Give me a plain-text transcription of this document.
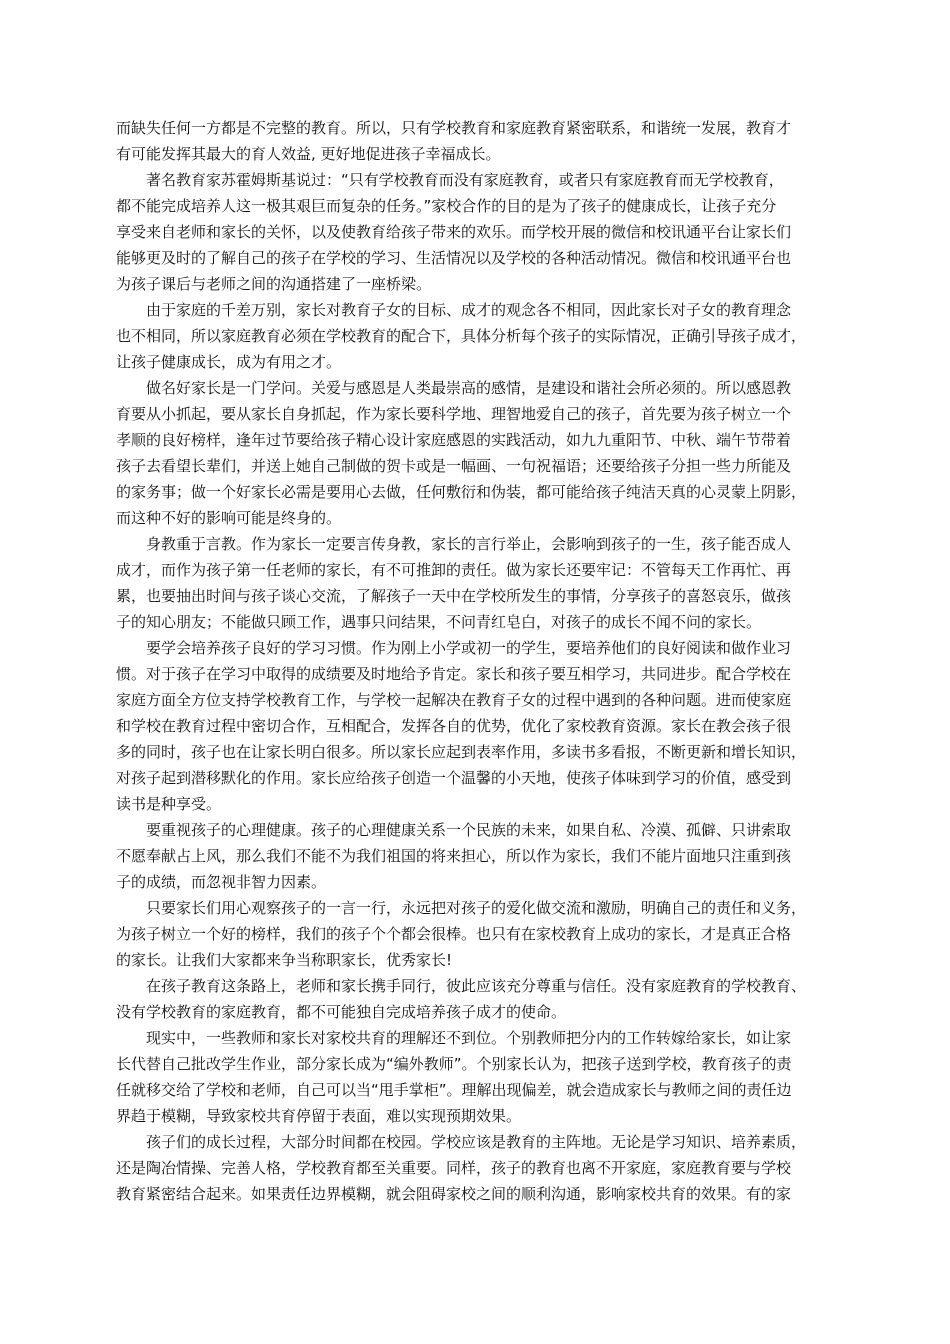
而缺失任何一方都是不完整的教育。所以，只有学校教育和家庭教育紧密联系，和谐统一发展，教育才
有可能发挥其最大的育人效益, 更好地促进孩子幸福成长。
著名教育家苏霍姆斯基说过：“只有学校教育而没有家庭教育，或者只有家庭教育而无学校教育，
都不能完成培养人这一极其艰巨而复杂的任务。”家校合作的目的是为了孩子的健康成长，让孩子充分
享受来自老师和家长的关怀，以及使教育给孩子带来的欢乐。而学校开展的微信和校讯通平台让家长们
能够更及时的了解自己的孩子在学校的学习、生活情况以及学校的各种活动情况。微信和校讯通平台也
为孩子课后与老师之间的沟通搭建了一座桥梁。
由于家庭的千差万别，家长对教育子女的目标、成才的观念各不相同，因此家长对子女的教育理念
也不相同，所以家庭教育必须在学校教育的配合下，具体分析每个孩子的实际情况，正确引导孩子成才，
让孩子健康成长，成为有用之才。
做名好家长是一门学问。关爱与感恩是人类最崇高的感情，是建设和谐社会所必须的。所以感恩教
育要从小抓起，要从家长自身抓起，作为家长要科学地、理智地爱自己的孩子，首先要为孩子树立一个
孝顺的良好榜样，逢年过节要给孩子精心设计家庭感恩的实践活动，如九九重阳节、中秋、端午节带着
孩子去看望长辈们，并送上她自己制做的贺卡或是一幅画、一句祝福语；还要给孩子分担一些力所能及
的家务事；做一个好家长必需是要用心去做，任何敷衍和伪装，都可能给孩子纯洁天真的心灵蒙上阴影，
而这种不好的影响可能是终身的。
身教重于言教。作为家长一定要言传身教，家长的言行举止，会影响到孩子的一生，孩子能否成人
成才，而作为孩子第一任老师的家长，有不可推卸的责任。做为家长还要牢记：不管每天工作再忙、再
累，也要抽出时间与孩子谈心交流，了解孩子一天中在学校所发生的事情，分享孩子的喜怒哀乐，做孩
子的知心朋友；不能做只顾工作，遇事只问结果，不问青红皂白，对孩子的成长不闻不问的家长。
要学会培养孩子良好的学习习惯。作为刚上小学或初一的学生，要培养他们的良好阅读和做作业习
惯。对于孩子在学习中取得的成绩要及时地给予肯定。家长和孩子要互相学习，共同进步。配合学校在
家庭方面全方位支持学校教育工作，与学校一起解决在教育子女的过程中遇到的各种问题。进而使家庭
和学校在教育过程中密切合作，互相配合，发挥各自的优势，优化了家校教育资源。家长在教会孩子很
多的同时，孩子也在让家长明白很多。所以家长应起到表率作用，多读书多看报，不断更新和增长知识，
对孩子起到潜移默化的作用。家长应给孩子创造一个温馨的小天地，使孩子体味到学习的价值，感受到
读书是种享受。
要重视孩子的心理健康。孩子的心理健康关系一个民族的未来，如果自私、冷漠、孤僻、只讲索取
不愿奉献占上风，那么我们不能不为我们祖国的将来担心，所以作为家长，我们不能片面地只注重到孩
子的成绩，而忽视非智力因素。
只要家长们用心观察孩子的一言一行，永远把对孩子的爱化做交流和激励，明确自己的责任和义务，
为孩子树立一个好的榜样，我们的孩子个个都会很棒。也只有在家校教育上成功的家长，才是真正合格
的家长。让我们大家都来争当称职家长，优秀家长!
在孩子教育这条路上，老师和家长携手同行，彼此应该充分尊重与信任。没有家庭教育的学校教育、
没有学校教育的家庭教育，都不可能独自完成培养孩子成才的使命。
现实中，一些教师和家长对家校共育的理解还不到位。个别教师把分内的工作转嫁给家长，如让家
长代替自己批改学生作业，部分家长成为“编外教师”。个别家长认为，把孩子送到学校，教育孩子的责
任就移交给了学校和老师，自己可以当“甩手掌柜”。理解出现偏差，就会造成家长与教师之间的责任边
界趋于模糊，导致家校共育停留于表面，难以实现预期效果。
孩子们的成长过程，大部分时间都在校园。学校应该是教育的主阵地。无论是学习知识、培养素质，
还是陶冶情操、完善人格，学校教育都至关重要。同样，孩子的教育也离不开家庭，家庭教育要与学校
教育紧密结合起来。如果责任边界模糊，就会阻碍家校之间的顺利沟通，影响家校共育的效果。有的家
